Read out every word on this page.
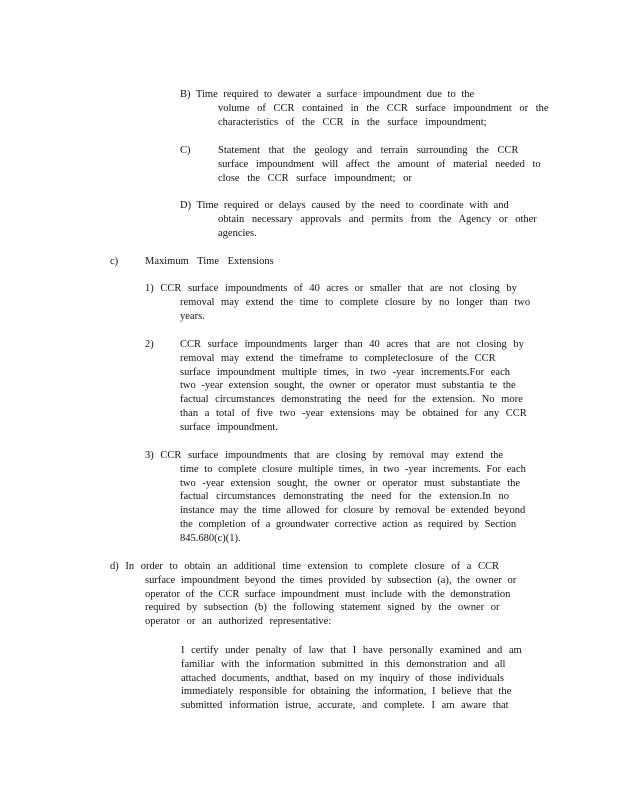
B) Time required to dewater a surface impoundment due to the
volume of CCR contained in the CCR surface impoundment or the
characteristics of the CCR in the surface impoundment;
C)	Statement that the geology and terrain surrounding the CCR
surface impoundment will affect the amount of material needed to
close the CCR surface impoundment; or
D) Time required or delays caused by the need to coordinate with and
obtain necessary approvals and permits from the Agency or other
agencies.
c)	Maximum Time Extensions
1) CCR surface impoundments of 40 acres or smaller that are not closing by
removal may extend the time to complete closure by no longer than two
years.
2)	CCR surface impoundments larger than 40 acres that are not closing by
removal may extend the timeframe to completeclosure of the CCR
surface impoundment multiple times, in two -year increments.For each
two -year extension sought, the owner or operator must substantia te the
factual circumstances demonstrating the need for the extension. No more
than a total of five two -year extensions may be obtained for any CCR
surface impoundment.
3) CCR surface impoundments that are closing by removal may extend the
time to complete closure multiple times, in two -year increments. For each
two -year extension sought, the owner or operator must substantiate the
factual circumstances demonstrating the need for the extension.In no
instance may the time allowed for closure by removal be extended beyond
the completion of a groundwater corrective action as required by Section
845.680(c)(1).
d) In order to obtain an additional time extension to complete closure of a CCR
surface impoundment beyond the times provided by subsection (a), the owner or
operator of the CCR surface impoundment must include with the demonstration
required by subsection (b) the following statement signed by the owner or
operator or an authorized representative:
I certify under penalty of law that I have personally examined and am
familiar with the information submitted in this demonstration and all
attached documents, andthat, based on my inquiry of those individuals
immediately responsible for obtaining the information, I believe that the
submitted information istrue, accurate, and complete. I am aware that
